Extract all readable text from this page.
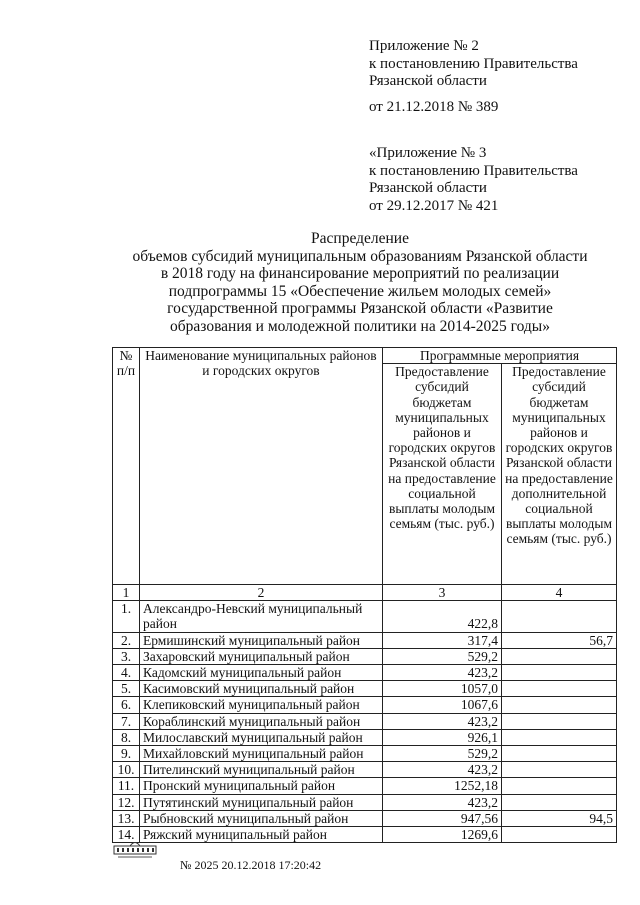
Приложение № 2
к постановлению Правительства
Рязанской области
от 21.12.2018 № 389
«Приложение № 3
к постановлению Правительства
Рязанской области
от 29.12.2017 № 421
Распределение
объемов субсидий муниципальным образованиям Рязанской области
в 2018 году на финансирование мероприятий по реализации
подпрограммы 15 «Обеспечение жильем молодых семей»
государственной программы Рязанской области «Развитие
образования и молодежной политики на 2014-2025 годы»
№ п/п	Наименование муниципальных районов и городских округов	Программные мероприятия	
		Предоставление субсидий бюджетам муниципальных районов и городских округов Рязанской области на предоставление социальной выплаты молодым семьям (тыс. руб.)	Предоставление субсидий бюджетам муниципальных районов и городских округов Рязанской области на предоставление дополнительной социальной выплаты молодым семьям (тыс. руб.)
1	2	3	4
1.	Александро-Невский муниципальный район	422,8	
2.	Ермишинский муниципальный район	317,4	56,7
3.	Захаровский муниципальный район	529,2	
4.	Кадомский муниципальный район	423,2	
5.	Касимовский муниципальный район	1057,0	
6.	Клепиковский муниципальный район	1067,6	
7.	Кораблинский муниципальный район	423,2	
8.	Милославский муниципальный район	926,1	
9.	Михайловский муниципальный район	529,2	
10.	Пителинский муниципальный район	423,2	
11.	Пронский муниципальный район	1252,18	
12.	Путятинский муниципальный район	423,2	
13.	Рыбновский муниципальный район	947,56	94,5
14.	Ряжский муниципальный район	1269,6	
№ 2025 20.12.2018 17:20:42
